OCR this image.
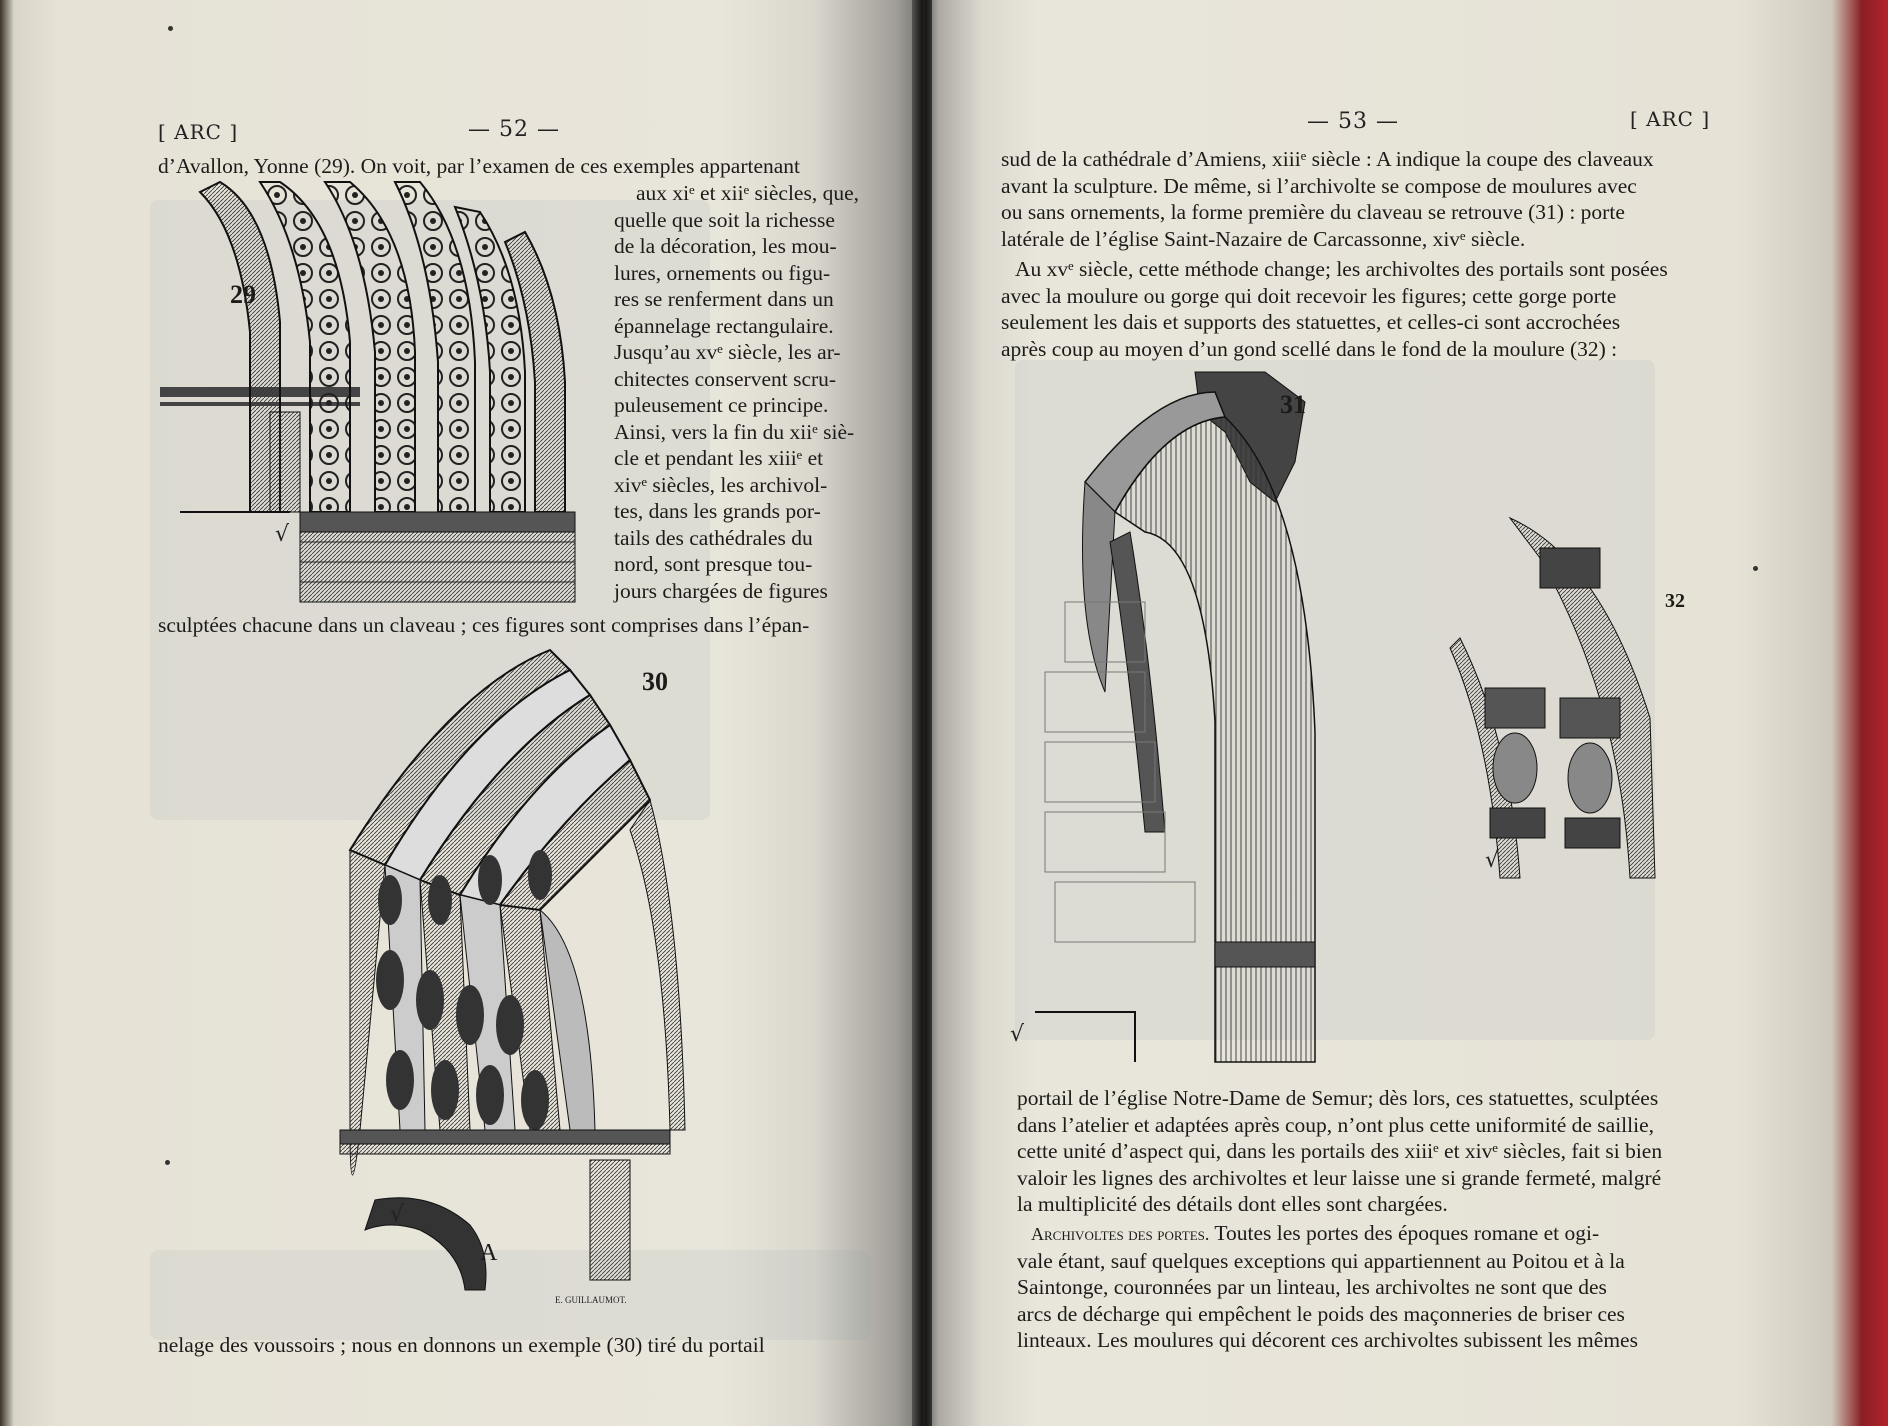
[ ARC ]	— 52 —
d’Avallon, Yonne (29). On voit, par l’examen de ces exemples appartenant
29
√
aux xiᵉ et xiiᵉ siècles, que,
quelle que soit la richesse
de la décoration, les mou-
lures, ornements ou figu-
res se renferment dans un
épannelage rectangulaire.
Jusqu’au xvᵉ siècle, les ar-
chitectes conservent scru-
puleusement ce principe.
Ainsi, vers la fin du xiiᵉ siè-
cle et pendant les xiiiᵉ et
xivᵉ siècles, les archivol-
tes, dans les grands por-
tails des cathédrales du
nord, sont presque tou-
jours chargées de figures
sculptées chacune dans un claveau ; ces figures sont comprises dans l’épan-
30
A
√
E. GUILLAUMOT.
nelage des voussoirs ; nous en donnons un exemple (30) tiré du portail
— 53 —	[ ARC ]
sud de la cathédrale d’Amiens, xiiiᵉ siècle : A indique la coupe des claveaux
avant la sculpture. De même, si l’archivolte se compose de moulures avec
ou sans ornements, la forme première du claveau se retrouve (31) : porte
latérale de l’église Saint-Nazaire de Carcassonne, xivᵉ siècle.
Au xvᵉ siècle, cette méthode change; les archivoltes des portails sont posées
avec la moulure ou gorge qui doit recevoir les figures; cette gorge porte
seulement les dais et supports des statuettes, et celles-ci sont accrochées
après coup au moyen d’un gond scellé dans le fond de la moulure (32) :
31
√
√
32
portail de l’église Notre-Dame de Semur; dès lors, ces statuettes, sculptées
dans l’atelier et adaptées après coup, n’ont plus cette uniformité de saillie,
cette unité d’aspect qui, dans les portails des xiiiᵉ et xivᵉ siècles, fait si bien
valoir les lignes des archivoltes et leur laisse une si grande fermeté, malgré
la multiplicité des détails dont elles sont chargées.
Archivoltes des portes. Toutes les portes des époques romane et ogi-
vale étant, sauf quelques exceptions qui appartiennent au Poitou et à la
Saintonge, couronnées par un linteau, les archivoltes ne sont que des
arcs de décharge qui empêchent le poids des maçonneries de briser ces
linteaux. Les moulures qui décorent ces archivoltes subissent les mêmes
